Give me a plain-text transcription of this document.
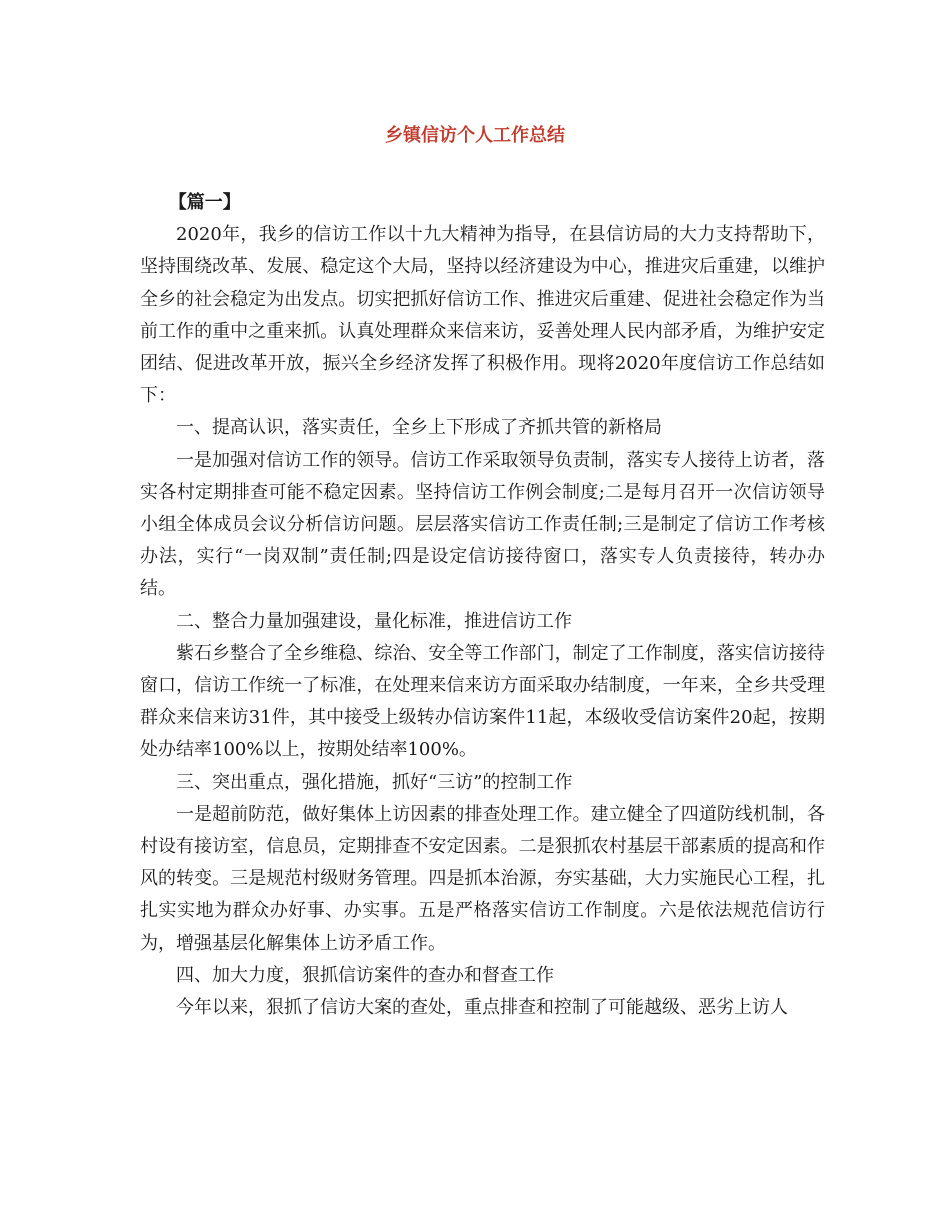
乡镇信访个人工作总结

【篇一】

2020年，我乡的信访工作以十九大精神为指导，在县信访局的大力支持帮助下，坚持围绕改革、发展、稳定这个大局，坚持以经济建设为中心，推进灾后重建，以维护全乡的社会稳定为出发点。切实把抓好信访工作、推进灾后重建、促进社会稳定作为当前工作的重中之重来抓。认真处理群众来信来访，妥善处理人民内部矛盾，为维护安定团结、促进改革开放，振兴全乡经济发挥了积极作用。现将2020年度信访工作总结如下：

一、提高认识，落实责任，全乡上下形成了齐抓共管的新格局

一是加强对信访工作的领导。信访工作采取领导负责制，落实专人接待上访者，落实各村定期排查可能不稳定因素。坚持信访工作例会制度;二是每月召开一次信访领导小组全体成员会议分析信访问题。层层落实信访工作责任制;三是制定了信访工作考核办法，实行“一岗双制”责任制;四是设定信访接待窗口，落实专人负责接待，转办办结。

二、整合力量加强建设，量化标准，推进信访工作

紫石乡整合了全乡维稳、综治、安全等工作部门，制定了工作制度，落实信访接待窗口，信访工作统一了标准，在处理来信来访方面采取办结制度，一年来，全乡共受理群众来信来访31件，其中接受上级转办信访案件11起，本级收受信访案件20起，按期处办结率100%以上，按期处结率100%。

三、突出重点，强化措施，抓好“三访”的控制工作

一是超前防范，做好集体上访因素的排查处理工作。建立健全了四道防线机制，各村设有接访室，信息员，定期排查不安定因素。二是狠抓农村基层干部素质的提高和作风的转变。三是规范村级财务管理。四是抓本治源，夯实基础，大力实施民心工程，扎扎实实地为群众办好事、办实事。五是严格落实信访工作制度。六是依法规范信访行为，增强基层化解集体上访矛盾工作。

四、加大力度，狠抓信访案件的查办和督查工作

今年以来，狠抓了信访大案的查处，重点排查和控制了可能越级、恶劣上访人
